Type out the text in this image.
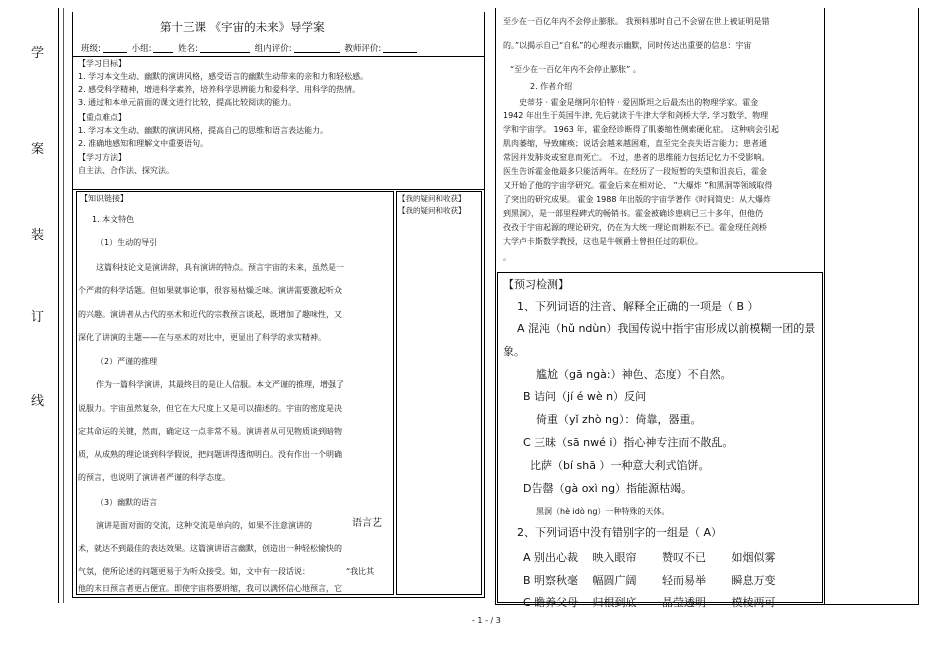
学
案
装
订
线
第十三课 《宇宙的未来》导学案
班级:	小组:	姓名:	组内评价:	教师评价:
【学习目标】
1. 学习本文生动、幽默的演讲风格，感受语言的幽默生动带来的亲和力和轻松感。
2. 感受科学精神，增进科学素养，培养科学思辨能力和爱科学、用科学的热情。
3. 通过和本单元前面的课文进行比较，提高比较阅读的能力。
【重点难点】
1. 学习本文生动、幽默的演讲风格，提高自己的思维和语言表达能力。
2. 准确地感知和理解文中重要语句。
【学习方法】
自主法、合作法、探究法。
【知识链接】	【我的疑问和收获】
【我的疑问和收获】
1. 本文特色
（1）生动的导引
这篇科技论文是演讲辞，具有演讲的特点。预言宇宙的未来，虽然是一
个严肃的科学话题。但如果就事论事，很容易枯燥乏味。演讲需要激起听众
的兴趣。演讲者从古代的巫术和近代的宗教预言谈起，既增加了趣味性，又
深化了讲演的主题——在与巫术的对比中，更显出了科学的求实精神。
（2）严谨的推理
作为一篇科学演讲，其最终目的是让人信服。本文严谨的推理，增强了
说服力。宇宙虽然复杂，但它在大尺度上又是可以描述的。宇宙的密度是决
定其命运的关键，然而，确定这一点非常不易。演讲者从可见物质谈到暗物
质，从成熟的理论谈到科学假说，把问题讲得透彻明白。没有作出一个明确
的预言，也说明了演讲者严谨的科学态度。
（3）幽默的语言
演讲是面对面的交流，这种交流是单向的，如果不注意演讲的	语言艺
术，就达不到最佳的表达效果。这篇演讲语言幽默，创造出一种轻松愉快的
气氛，使所论述的问题更易于为听众接受。如，文中有一段话说：	“我比其
他的末日预言者更占便宜。即使宇宙将要坍缩，我可以满怀信心地预言，它
至少在一百亿年内不会停止膨胀。 我预料那时自己不会留在世上被证明是错
的。”以揭示自己“自私”的心理表示幽默，同时传达出重要的信息：宇宙
“至少在一百亿年内不会停止膨胀” 。
2. 作者介绍
史蒂芬 · 霍金是继阿尔伯特 · 爱因斯坦之后最杰出的物理学家。霍金
1942 年出生于英国牛津, 先后就读于牛津大学和剑桥大学, 学习数学、物理
学和宇宙学。 1963 年，霍金经诊断得了肌萎缩性侧索硬化症。 这种病会引起
肌肉萎缩，导致瘫痪；说话会越来越困难，直至完全丧失语言能力；患者通
常因并发肺炎或窒息而死亡。 不过，患者的思维能力包括记忆力不受影响。
医生告诉霍金他最多只能活两年。在经历了一段短暂的失望和沮丧后，霍金
又开始了他的宇宙学研究。霍金后来在相对论、 ”大爆炸 ”和黑洞等领域取得
了突出的研究成果。 霍金 1988 年出版的宇宙学著作《时间简史：从大爆炸
到黑洞》，是一部里程碑式的畅销书。霍金被确诊患病已三十多年，但他仍
孜孜于宇宙起源的理论研究，仍在为大统一理论而耕耘不已。霍金现任剑桥
大学卢卡斯数学教授，这也是牛顿爵士曾担任过的职位。
。
【预习检测】
1、下列词语的注音、解释全正确的一项是（ B ）
A 混沌（hǔ ndùn）我国传说中指宇宙形成以前模糊一团的景
象。
尴尬（gā ngà:）神色、态度）不自然。
B 诘问（jí é wè n）反问
倚重（yǐ zhò ng）：倚靠，器重。
C 三昧（sā nwé i）指心神专注而不散乱。
比萨（bí shā ）一种意大利式馅饼。
D告罄（gà oxì ng）指能源枯竭。
黑洞（hè idò ng）一种特殊的天体。
2、下列词语中没有错别字的一组是（ A）
A 别出心裁 映入眼帘 赞叹不已 如烟似雾
B 明察秋毫 幅圆广阔 轻而易举 瞬息万变
C 瞻养父母 归根到底 晶莹透明 模棱两可
- 1 - / 3
